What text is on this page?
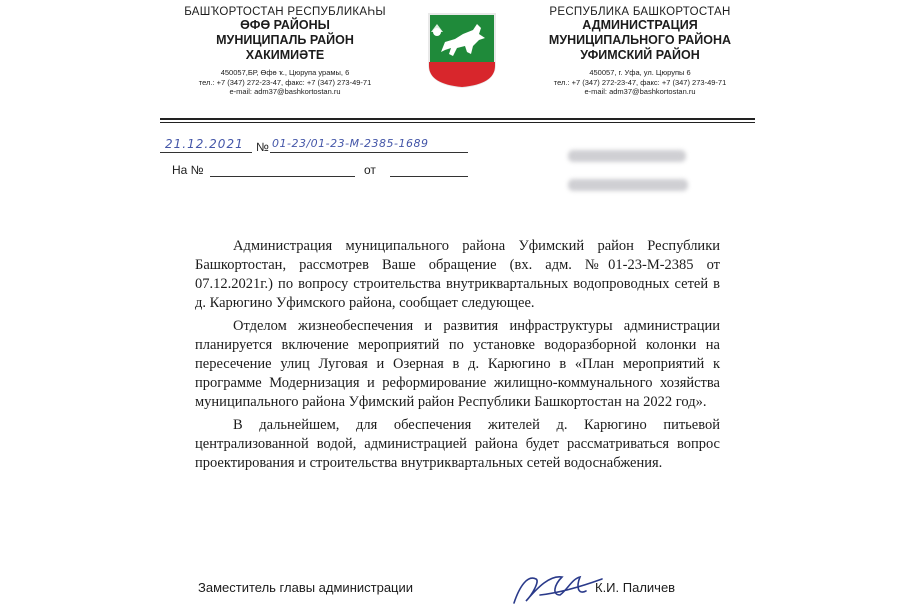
БАШҠОРТОСТАН РЕСПУБЛИКАҺЫ
ӨФӨ РАЙОНЫ
МУНИЦИПАЛЬ РАЙОН
ХАКИМИӘТЕ
450057,БР, Өфө ҡ., Цюрупа урамы, 6
тел.: +7 (347) 272-23-47, факс: +7 (347) 273-49-71
e-mail: adm37@bashkortostan.ru
РЕСПУБЛИКА БАШКОРТОСТАН
АДМИНИСТРАЦИЯ
МУНИЦИПАЛЬНОГО РАЙОНА
УФИМСКИЙ РАЙОН
450057, г. Уфа, ул. Цюрупы 6
тел.: +7 (347) 272-23-47, факс: +7 (347) 273-49-71
e-mail: adm37@bashkortostan.ru
21.12.2021 № 01-23/01-23-М-2385-1689
На №	от

Администрация муниципального района Уфимский район Республики Башкортостан, рассмотрев Ваше обращение (вх. адм. №01-23-М-2385 от 07.12.2021г.) по вопросу строительства внутриквартальных водопроводных сетей в д. Карюгино Уфимского района, сообщает следующее.

Отделом жизнеобеспечения и развития инфраструктуры администрации планируется включение мероприятий по установке водоразборной колонки на пересечение улиц Луговая и Озерная в д. Карюгино в «План мероприятий к программе Модернизация и реформирование жилищно-коммунального хозяйства муниципального района Уфимский район Республики Башкортостан на 2022 год».

В дальнейшем, для обеспечения жителей д. Карюгино питьевой централизованной водой, администрацией района будет рассматриваться вопрос проектирования и строительства внутриквартальных сетей водоснабжения.

Заместитель главы администрации	К.И. Паличев
